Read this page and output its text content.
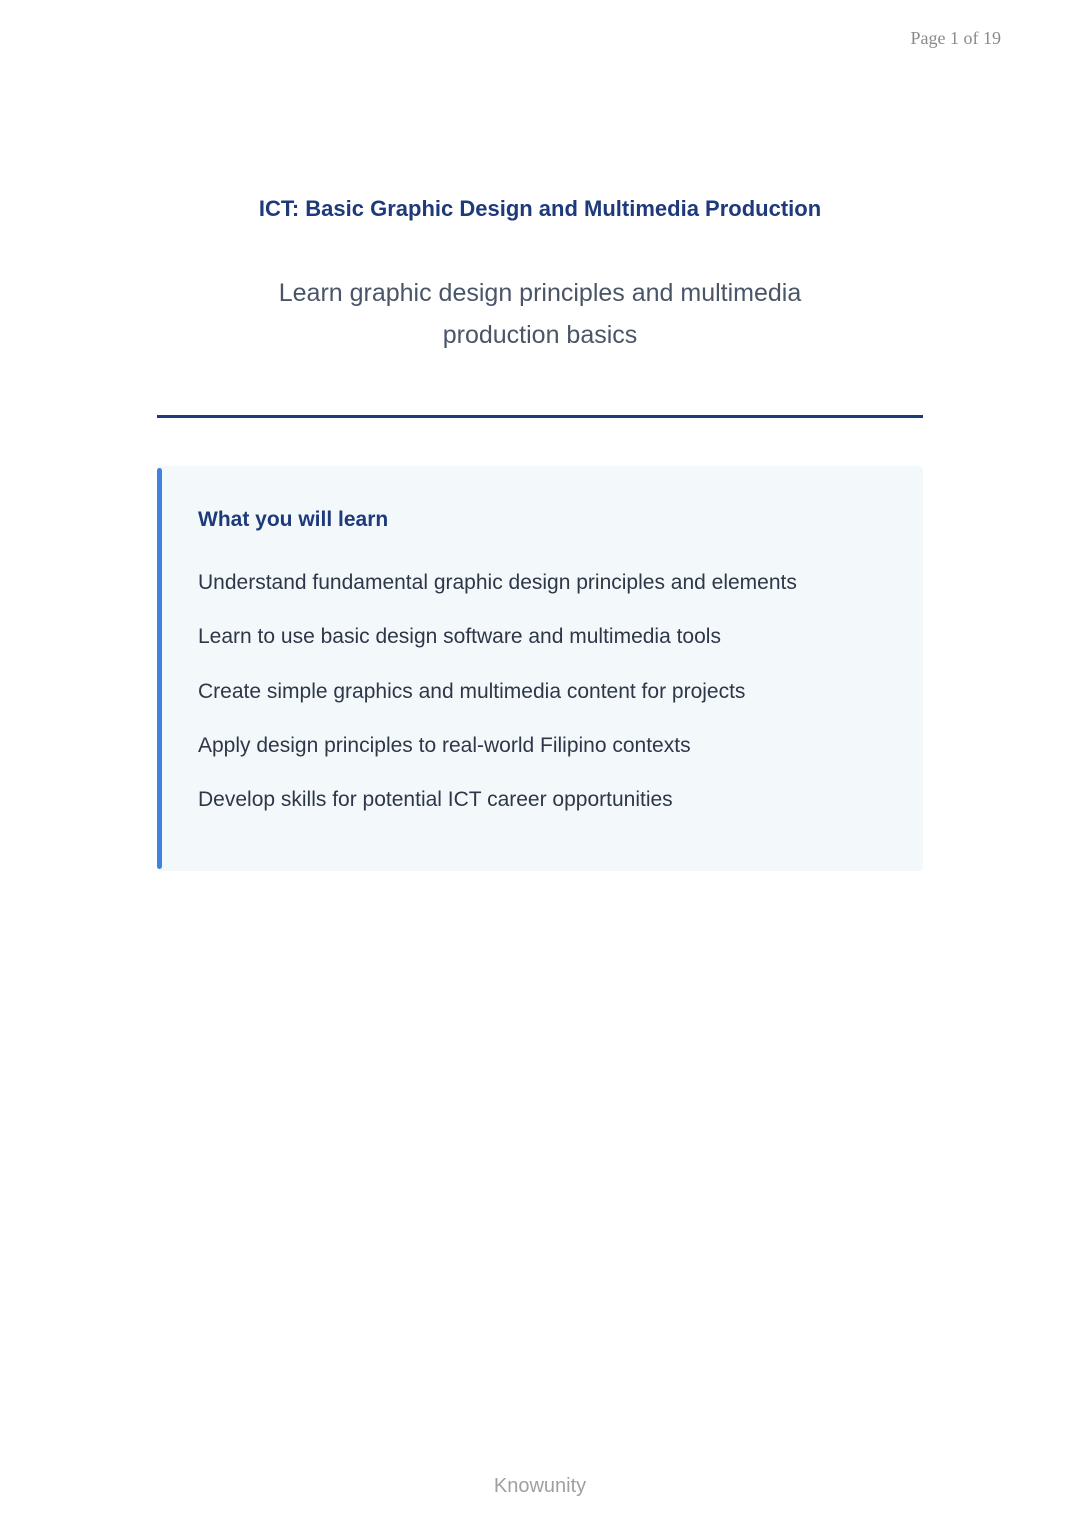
Page 1 of 19
ICT: Basic Graphic Design and Multimedia Production
Learn graphic design principles and multimedia production basics
What you will learn
Understand fundamental graphic design principles and elements
Learn to use basic design software and multimedia tools
Create simple graphics and multimedia content for projects
Apply design principles to real-world Filipino contexts
Develop skills for potential ICT career opportunities
Knowunity
